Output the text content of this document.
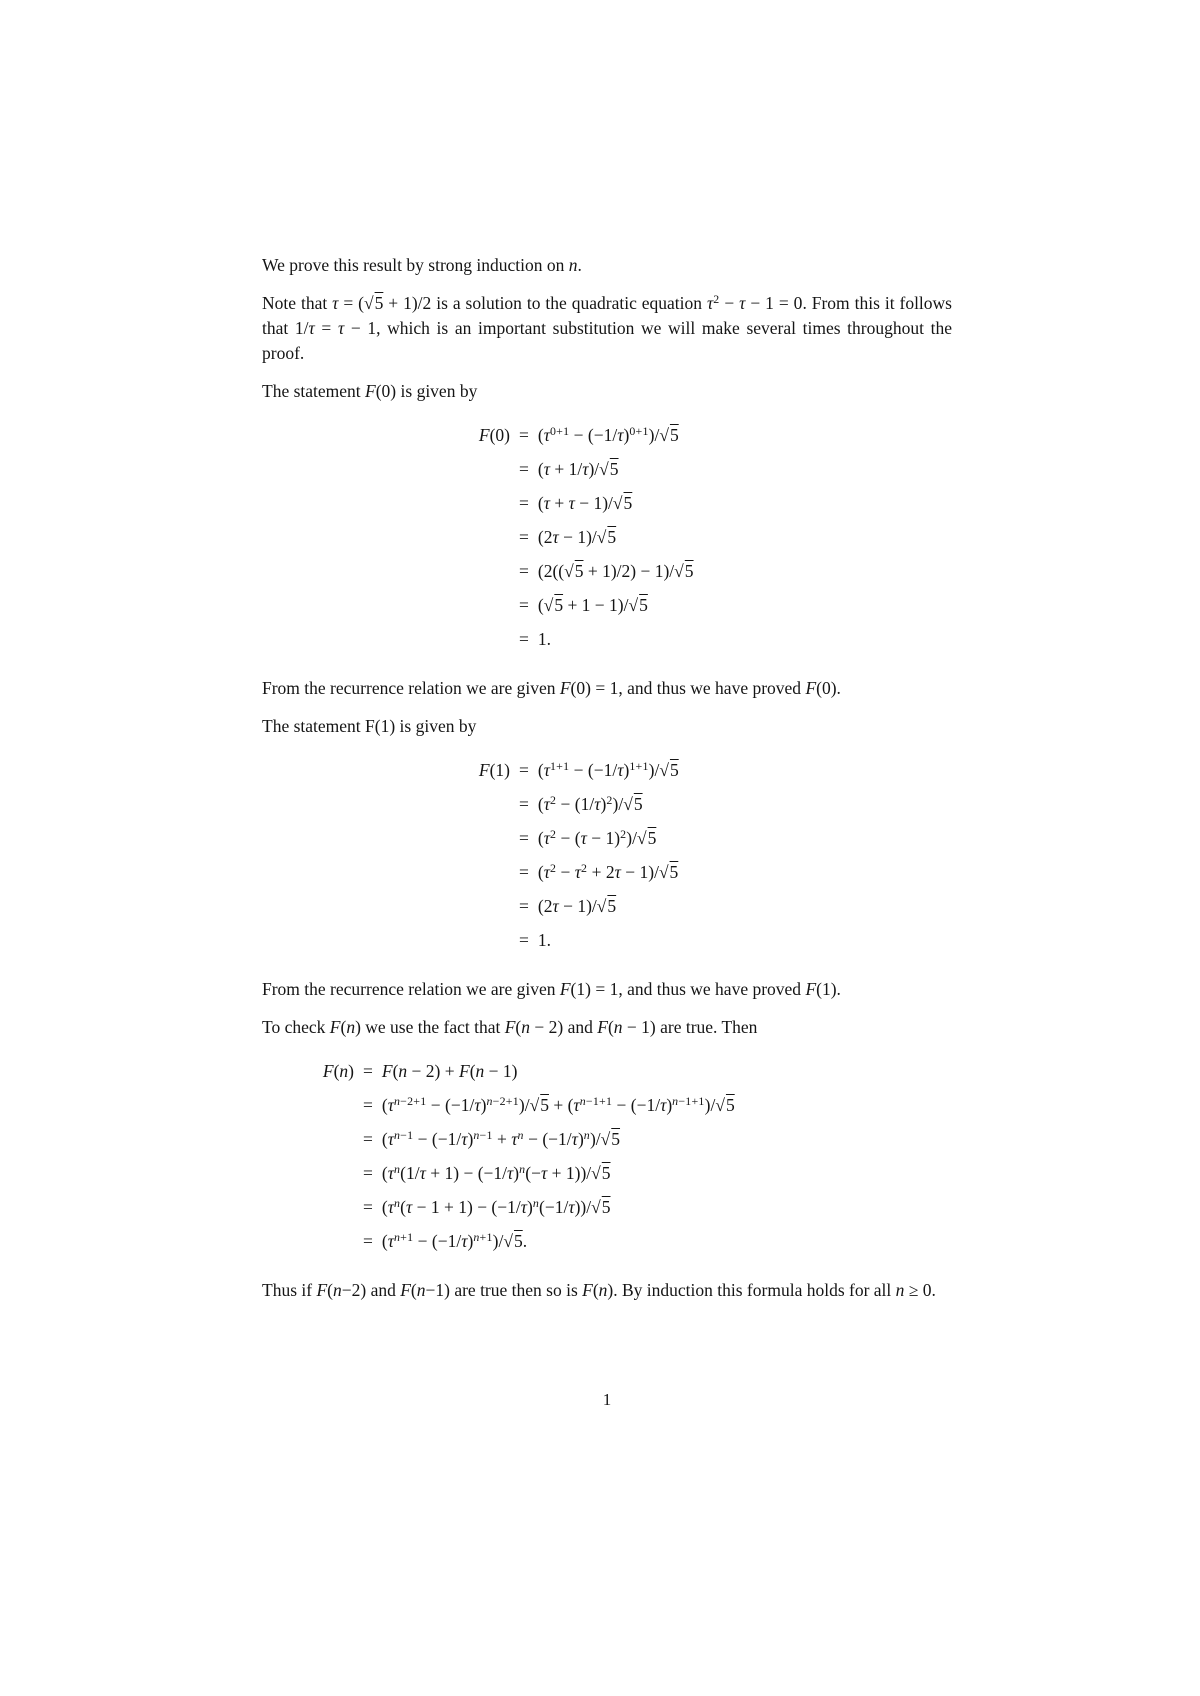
We prove this result by strong induction on n.

Note that τ = (√5 + 1)/2 is a solution to the quadratic equation $\tau^2 - \tau - 1 = 0$. From this it follows that 1/τ = τ − 1, which is an important substitution we will make several times throughout the proof.

The statement F(0) is given by

$F(0) = (\tau^{0+1} - (-1/\tau)^{0+1})/√5$
= (τ + 1/τ)/√5
= (τ + τ − 1)/√5
= (2τ − 1)/√5
= (2((√5 + 1)/2) − 1)/√5
= (√5 + 1 − 1)/√5
= 1.

From the recurrence relation we are given F(0) = 1, and thus we have proved F(0).

The statement F(1) is given by

$F(1) = (\tau^{1+1} - (-1/\tau)^{1+1})/√5$
= $(\tau^2 - (1/\tau)^2)/√5$
= $(\tau^2 - (\tau - 1)^2)/√5$
= $(\tau^2 - \tau^2 + 2\tau - 1)/√5$
= (2τ − 1)/√5
= 1.

From the recurrence relation we are given F(1) = 1, and thus we have proved F(1).

To check F(n) we use the fact that F(n − 2) and F(n − 1) are true. Then

F(n) = F(n − 2) + F(n − 1)
= $(\tau^{n-2+1} - (-1/\tau)^{n-2+1})/√5 + (\tau^{n-1+1} - (-1/\tau)^{n-1+1})/√5$
= $(\tau^{n-1} - (-1/\tau)^{n-1} + \tau^n - (-1/\tau)^n)/√5$
= $(\tau^n(1/\tau + 1) - (-1/\tau)^n(-\tau + 1))/√5$
= $(\tau^n(\tau - 1 + 1) - (-1/\tau)^n(-1/\tau))/√5$
= $(\tau^{n+1} - (-1/\tau)^{n+1})/√5$.

Thus if F(n−2) and F(n−1) are true then so is F(n). By induction this formula holds for all n ≥ 0.

1
